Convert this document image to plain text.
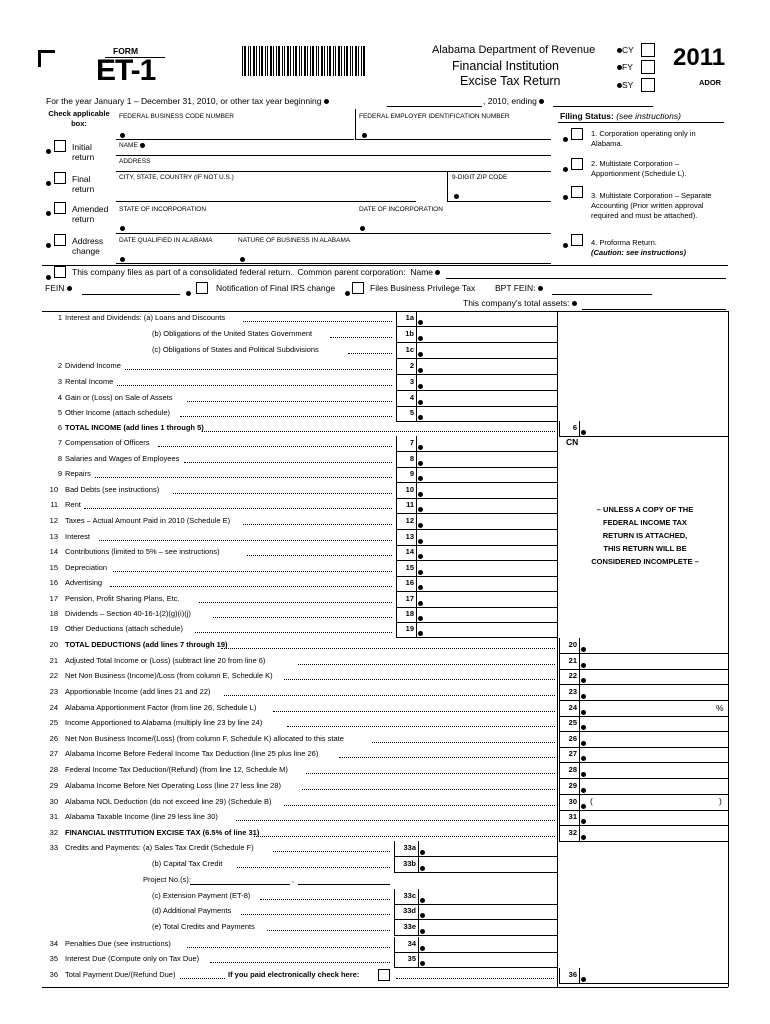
FORM
ET-1
Alabama Department of Revenue
Financial Institution
Excise Tax Return
CY
FY
SY
2011
ADOR
For the year January 1 – December 31, 2010, or other tax year beginning	, 2010, ending
Check applicable box:
Initial return
Final return
Amended return
Address change
FEDERAL BUSINESS CODE NUMBER	FEDERAL EMPLOYER IDENTIFICATION NUMBER
NAME
ADDRESS
CITY, STATE, COUNTRY (IF NOT U.S.)	9-DIGIT ZIP CODE
STATE OF INCORPORATION	DATE OF INCORPORATION
DATE QUALIFIED IN ALABAMA	NATURE OF BUSINESS IN ALABAMA
Filing Status: (see instructions)
1. Corporation operating only in Alabama.
2. Multistate Corporation – Apportionment (Schedule L).
3. Multistate Corporation – Separate Accounting (Prior written approval required and must be attached).
4. Proforma Return.
(Caution: see instructions)
This company files as part of a consolidated federal return. Common parent corporation: Name
FEIN	Notification of Final IRS change	Files Business Privilege Tax BPT FEIN:
This company's total assets:
1 Interest and Dividends: (a) Loans and Discounts	1a
(b) Obligations of the United States Government	1b
(c) Obligations of States and Political Subdivisions	1c
2 Dividend Income	2
3 Rental Income	3
4 Gain or (Loss) on Sale of Assets	4
5 Other Income (attach schedule)	5
6 TOTAL INCOME (add lines 1 through 5)	6
7 Compensation of Officers	7
8 Salaries and Wages of Employees	8
9 Repairs	9
10 Bad Debts (see instructions)	10
11 Rent	11
12 Taxes – Actual Amount Paid in 2010 (Schedule E)	12
13 Interest	13
14 Contributions (limited to 5% – see instructions)	14
15 Depreciation	15
16 Advertising	16
17 Pension, Profit Sharing Plans, Etc.	17
18 Dividends – Section 40-16-1(2)(g)(i)(j)	18
19 Other Deductions (attach schedule)	19
20 TOTAL DEDUCTIONS (add lines 7 through 19)	20
21 Adjusted Total Income or (Loss) (subtract line 20 from line 6)	21
22 Net Non Business (Income)/Loss (from column E, Schedule K)	22
23 Apportionable Income (add lines 21 and 22)	23
24 Alabama Apportionment Factor (from line 26, Schedule L)	24	%
25 Income Apportioned to Alabama (multiply line 23 by line 24)	25
26 Net Non Business Income/(Loss) (from column F, Schedule K) allocated to this state	26
27 Alabama Income Before Federal Income Tax Deduction (line 25 plus line 26)	27
28 Federal Income Tax Deduction/(Refund) (from line 12, Schedule M)	28
29 Alabama Income Before Net Operating Loss (line 27 less line 28)	29
30 Alabama NOL Deduction (do not exceed line 29) (Schedule B)	30 (	)
31 Alabama Taxable Income (line 29 less line 30)	31
32 FINANCIAL INSTITUTION EXCISE TAX (6.5% of line 31)	32
33 Credits and Payments: (a) Sales Tax Credit (Schedule F)	33a
(b) Capital Tax Credit	33b
Project No.(s):	,
(c) Extension Payment (ET-8)	33c
(d) Additional Payments	33d
(e) Total Credits and Payments	33e
34 Penalties Due (see instructions)	34
35 Interest Due (Compute only on Tax Due)	35
36 Total Payment Due/(Refund Due)	If you paid electronically check here:	36
CN
– UNLESS A COPY OF THE
FEDERAL INCOME TAX
RETURN IS ATTACHED,
THIS RETURN WILL BE
CONSIDERED INCOMPLETE –
